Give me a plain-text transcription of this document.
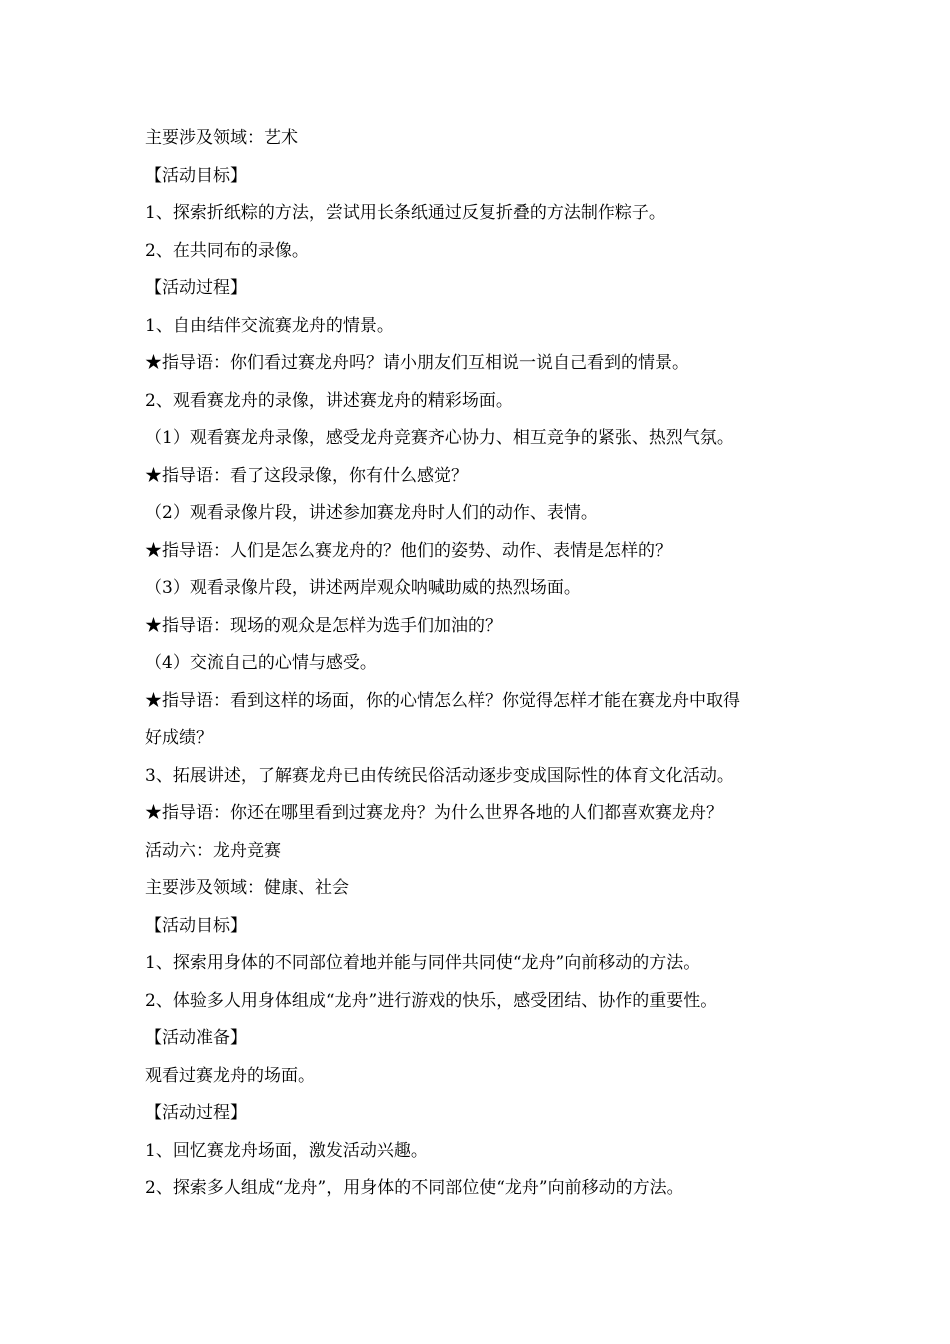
主要涉及领域：艺术

【活动目标】

1、探索折纸粽的方法，尝试用长条纸通过反复折叠的方法制作粽子。

2、在共同布的录像。

【活动过程】

1、自由结伴交流赛龙舟的情景。

★指导语：你们看过赛龙舟吗？请小朋友们互相说一说自己看到的情景。

2、观看赛龙舟的录像，讲述赛龙舟的精彩场面。

（1）观看赛龙舟录像，感受龙舟竞赛齐心协力、相互竞争的紧张、热烈气氛。

★指导语：看了这段录像，你有什么感觉？

（2）观看录像片段，讲述参加赛龙舟时人们的动作、表情。

★指导语：人们是怎么赛龙舟的？他们的姿势、动作、表情是怎样的？

（3）观看录像片段，讲述两岸观众呐喊助威的热烈场面。

★指导语：现场的观众是怎样为选手们加油的？

（4）交流自己的心情与感受。

★指导语：看到这样的场面，你的心情怎么样？你觉得怎样才能在赛龙舟中取得

好成绩？

3、拓展讲述，了解赛龙舟已由传统民俗活动逐步变成国际性的体育文化活动。

★指导语：你还在哪里看到过赛龙舟？为什么世界各地的人们都喜欢赛龙舟？

活动六：龙舟竞赛

主要涉及领域：健康、社会

【活动目标】

1、探索用身体的不同部位着地并能与同伴共同使“龙舟”向前移动的方法。

2、体验多人用身体组成“龙舟”进行游戏的快乐，感受团结、协作的重要性。

【活动准备】

观看过赛龙舟的场面。

【活动过程】

1、回忆赛龙舟场面，激发活动兴趣。

2、探索多人组成“龙舟”，用身体的不同部位使“龙舟”向前移动的方法。
